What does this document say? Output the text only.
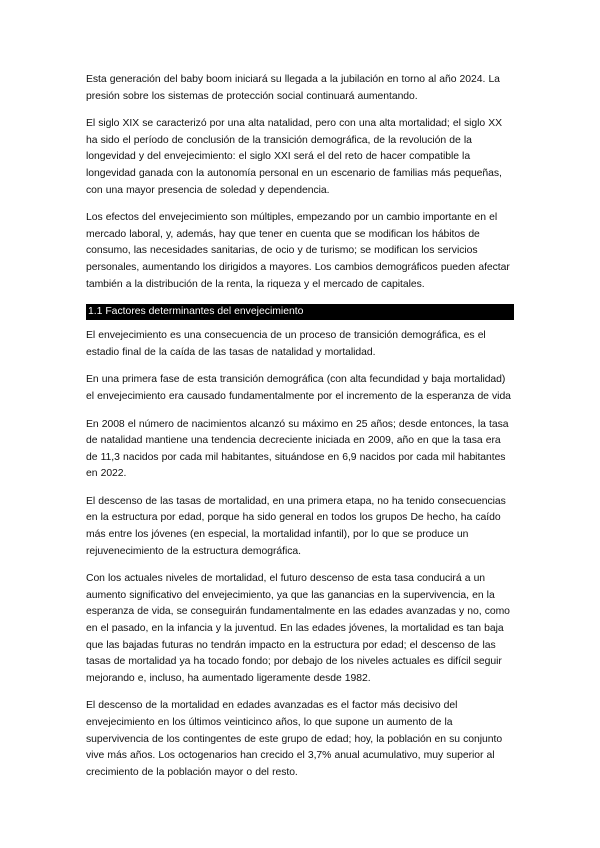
Esta generación del baby boom iniciará su llegada a la jubilación en torno al año 2024. La presión sobre los sistemas de protección social continuará aumentando.

El siglo XIX se caracterizó por una alta natalidad, pero con una alta mortalidad; el siglo XX ha sido el período de conclusión de la transición demográfica, de la revolución de la longevidad y del envejecimiento: el siglo XXI será el del reto de hacer compatible la longevidad ganada con la autonomía personal en un escenario de familias más pequeñas, con una mayor presencia de soledad y dependencia.

Los efectos del envejecimiento son múltiples, empezando por un cambio importante en el mercado laboral, y, además, hay que tener en cuenta que se modifican los hábitos de consumo, las necesidades sanitarias, de ocio y de turismo; se modifican los servicios personales, aumentando los dirigidos a mayores. Los cambios demográficos pueden afectar también a la distribución de la renta, la riqueza y el mercado de capitales.

1.1 Factores determinantes del envejecimiento

El envejecimiento es una consecuencia de un proceso de transición demográfica, es el estadio final de la caída de las tasas de natalidad y mortalidad.

En una primera fase de esta transición demográfica (con alta fecundidad y baja mortalidad) el envejecimiento era causado fundamentalmente por el incremento de la esperanza de vida

En 2008 el número de nacimientos alcanzó su máximo en 25 años; desde entonces, la tasa de natalidad mantiene una tendencia decreciente iniciada en 2009, año en que la tasa era de 11,3 nacidos por cada mil habitantes, situándose en 6,9 nacidos por cada mil habitantes en 2022.

El descenso de las tasas de mortalidad, en una primera etapa, no ha tenido consecuencias en la estructura por edad, porque ha sido general en todos los grupos De hecho, ha caído más entre los jóvenes (en especial, la mortalidad infantil), por lo que se produce un rejuvenecimiento de la estructura demográfica.

Con los actuales niveles de mortalidad, el futuro descenso de esta tasa conducirá a un aumento significativo del envejecimiento, ya que las ganancias en la supervivencia, en la esperanza de vida, se conseguirán fundamentalmente en las edades avanzadas y no, como en el pasado, en la infancia y la juventud. En las edades jóvenes, la mortalidad es tan baja que las bajadas futuras no tendrán impacto en la estructura por edad; el descenso de las tasas de mortalidad ya ha tocado fondo; por debajo de los niveles actuales es difícil seguir mejorando e, incluso, ha aumentado ligeramente desde 1982.

El descenso de la mortalidad en edades avanzadas es el factor más decisivo del envejecimiento en los últimos veinticinco años, lo que supone un aumento de la supervivencia de los contingentes de este grupo de edad; hoy, la población en su conjunto vive más años. Los octogenarios han crecido el 3,7% anual acumulativo, muy superior al crecimiento de la población mayor o del resto.
